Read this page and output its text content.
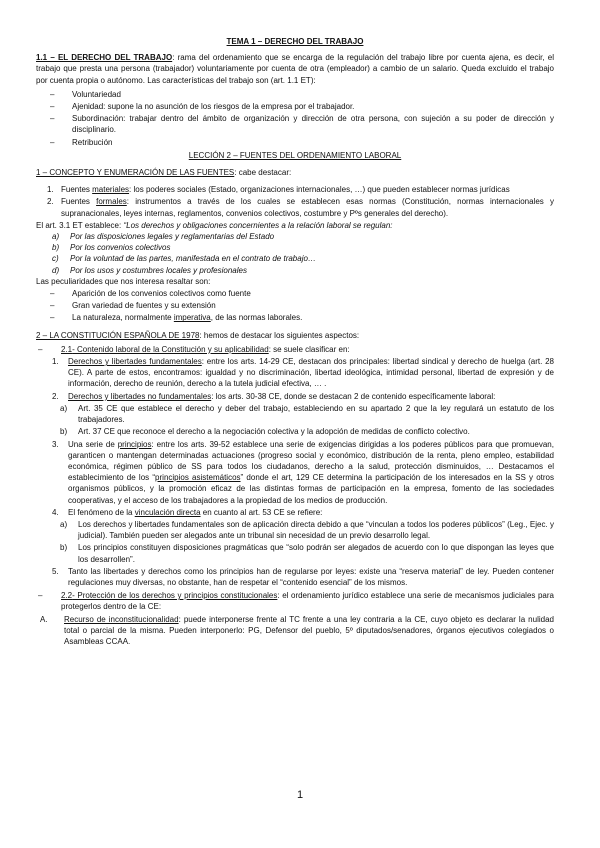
TEMA 1 – DERECHO DEL TRABAJO

1.1 – EL DERECHO DEL TRABAJO: rama del ordenamiento que se encarga de la regulación del trabajo libre por cuenta ajena, es decir, el trabajo que presta una persona (trabajador) voluntariamente por cuenta de otra (empleador) a cambio de un salario. Queda excluido el trabajo por cuenta propia o autónomo. Las características del trabajo son (art. 1.1 ET):

–	Voluntariedad
–	Ajenidad: supone la no asunción de los riesgos de la empresa por el trabajador.
–	Subordinación: trabajar dentro del ámbito de organización y dirección de otra persona, con sujeción a su poder de dirección y disciplinario.
–	Retribución
LECCIÓN 2 – FUENTES DEL ORDENAMIENTO LABORAL

1 – CONCEPTO Y ENUMERACIÓN DE LAS FUENTES: cabe destacar:

1. Fuentes materiales: los poderes sociales (Estado, organizaciones internacionales, …) que pueden establecer normas jurídicas
2. Fuentes formales: instrumentos a través de los cuales se establecen esas normas (Constitución, normas internacionales y supranacionales, leyes internas, reglamentos, convenios colectivos, costumbre y Pºs generales del derecho).

El art. 3.1 ET establece: “Los derechos y obligaciones concernientes a la relación laboral se regulan:

a)	Por las disposiciones legales y reglamentarias del Estado
b)	Por los convenios colectivos
c)	Por la voluntad de las partes, manifestada en el contrato de trabajo…
d)	Por los usos y costumbres locales y profesionales

Las peculiaridades que nos interesa resaltar son:

–	Aparición de los convenios colectivos como fuente
–	Gran variedad de fuentes y su extensión
–	La naturaleza, normalmente imperativa, de las normas laborales.

2 – LA CONSTITUCIÓN ESPAÑOLA DE 1978: hemos de destacar los siguientes aspectos:

–	2.1- Contenido laboral de la Constitución y su aplicabilidad: se suele clasificar en:
1.	Derechos y libertades fundamentales: entre los arts. 14-29 CE, destacan dos principales: libertad sindical y derecho de huelga (art. 28 CE). A parte de estos, encontramos: igualdad y no discriminación, libertad ideológica, intimidad personal, libertad de expresión y de información, derecho de reunión, derecho a la tutela judicial efectiva, … .
2.	Derechos y libertades no fundamentales: los arts. 30-38 CE, donde se destacan 2 de contenido específicamente laboral:
a)	Art. 35 CE que establece el derecho y deber del trabajo, estableciendo en su apartado 2 que la ley regulará un estatuto de los trabajadores.
b)	Art. 37 CE que reconoce el derecho a la negociación colectiva y la adopción de medidas de conflicto colectivo.
3.	Una serie de principios: entre los arts. 39-52 establece una serie de exigencias dirigidas a los poderes públicos para que promuevan, garanticen o mantengan determinadas actuaciones (progreso social y económico, distribución de la renta, pleno empleo, estabilidad económica, régimen público de SS para todos los ciudadanos, derecho a la salud, protección disminuidos, … Destacamos el establecimiento de los “principios asistemáticos” donde el art, 129 CE determina la participación de los interesados en la SS y otros organismos públicos, y la promoción eficaz de las distintas formas de participación en la empresa, fomento de las sociedades cooperativas, y el acceso de los trabajadores a la propiedad de los medios de producción.
4.	El fenómeno de la vinculación directa en cuanto al art. 53 CE se refiere:
a)	Los derechos y libertades fundamentales son de aplicación directa debido a que “vinculan a todos los poderes públicos” (Leg., Ejec. y judicial). También pueden ser alegados ante un tribunal sin necesidad de un previo desarrollo legal.
b)	Los principios constituyen disposiciones pragmáticas que “solo podrán ser alegados de acuerdo con lo que dispongan las leyes que los desarrollen”.
5.	Tanto las libertades y derechos como los principios han de regularse por leyes: existe una “reserva material” de ley. Pueden contener regulaciones muy diversas, no obstante, han de respetar el “contenido esencial” de los mismos.
–	2.2- Protección de los derechos y principios constitucionales: el ordenamiento jurídico establece una serie de mecanismos judiciales para protegerlos dentro de la CE:
A.	Recurso de inconstitucionalidad: puede interponerse frente al TC frente a una ley contraria a la CE, cuyo objeto es declarar la nulidad total o parcial de la misma. Pueden interponerlo: PG, Defensor del pueblo, 5º diputados/senadores, órganos ejecutivos colegiados o Asambleas CCAA.
1
